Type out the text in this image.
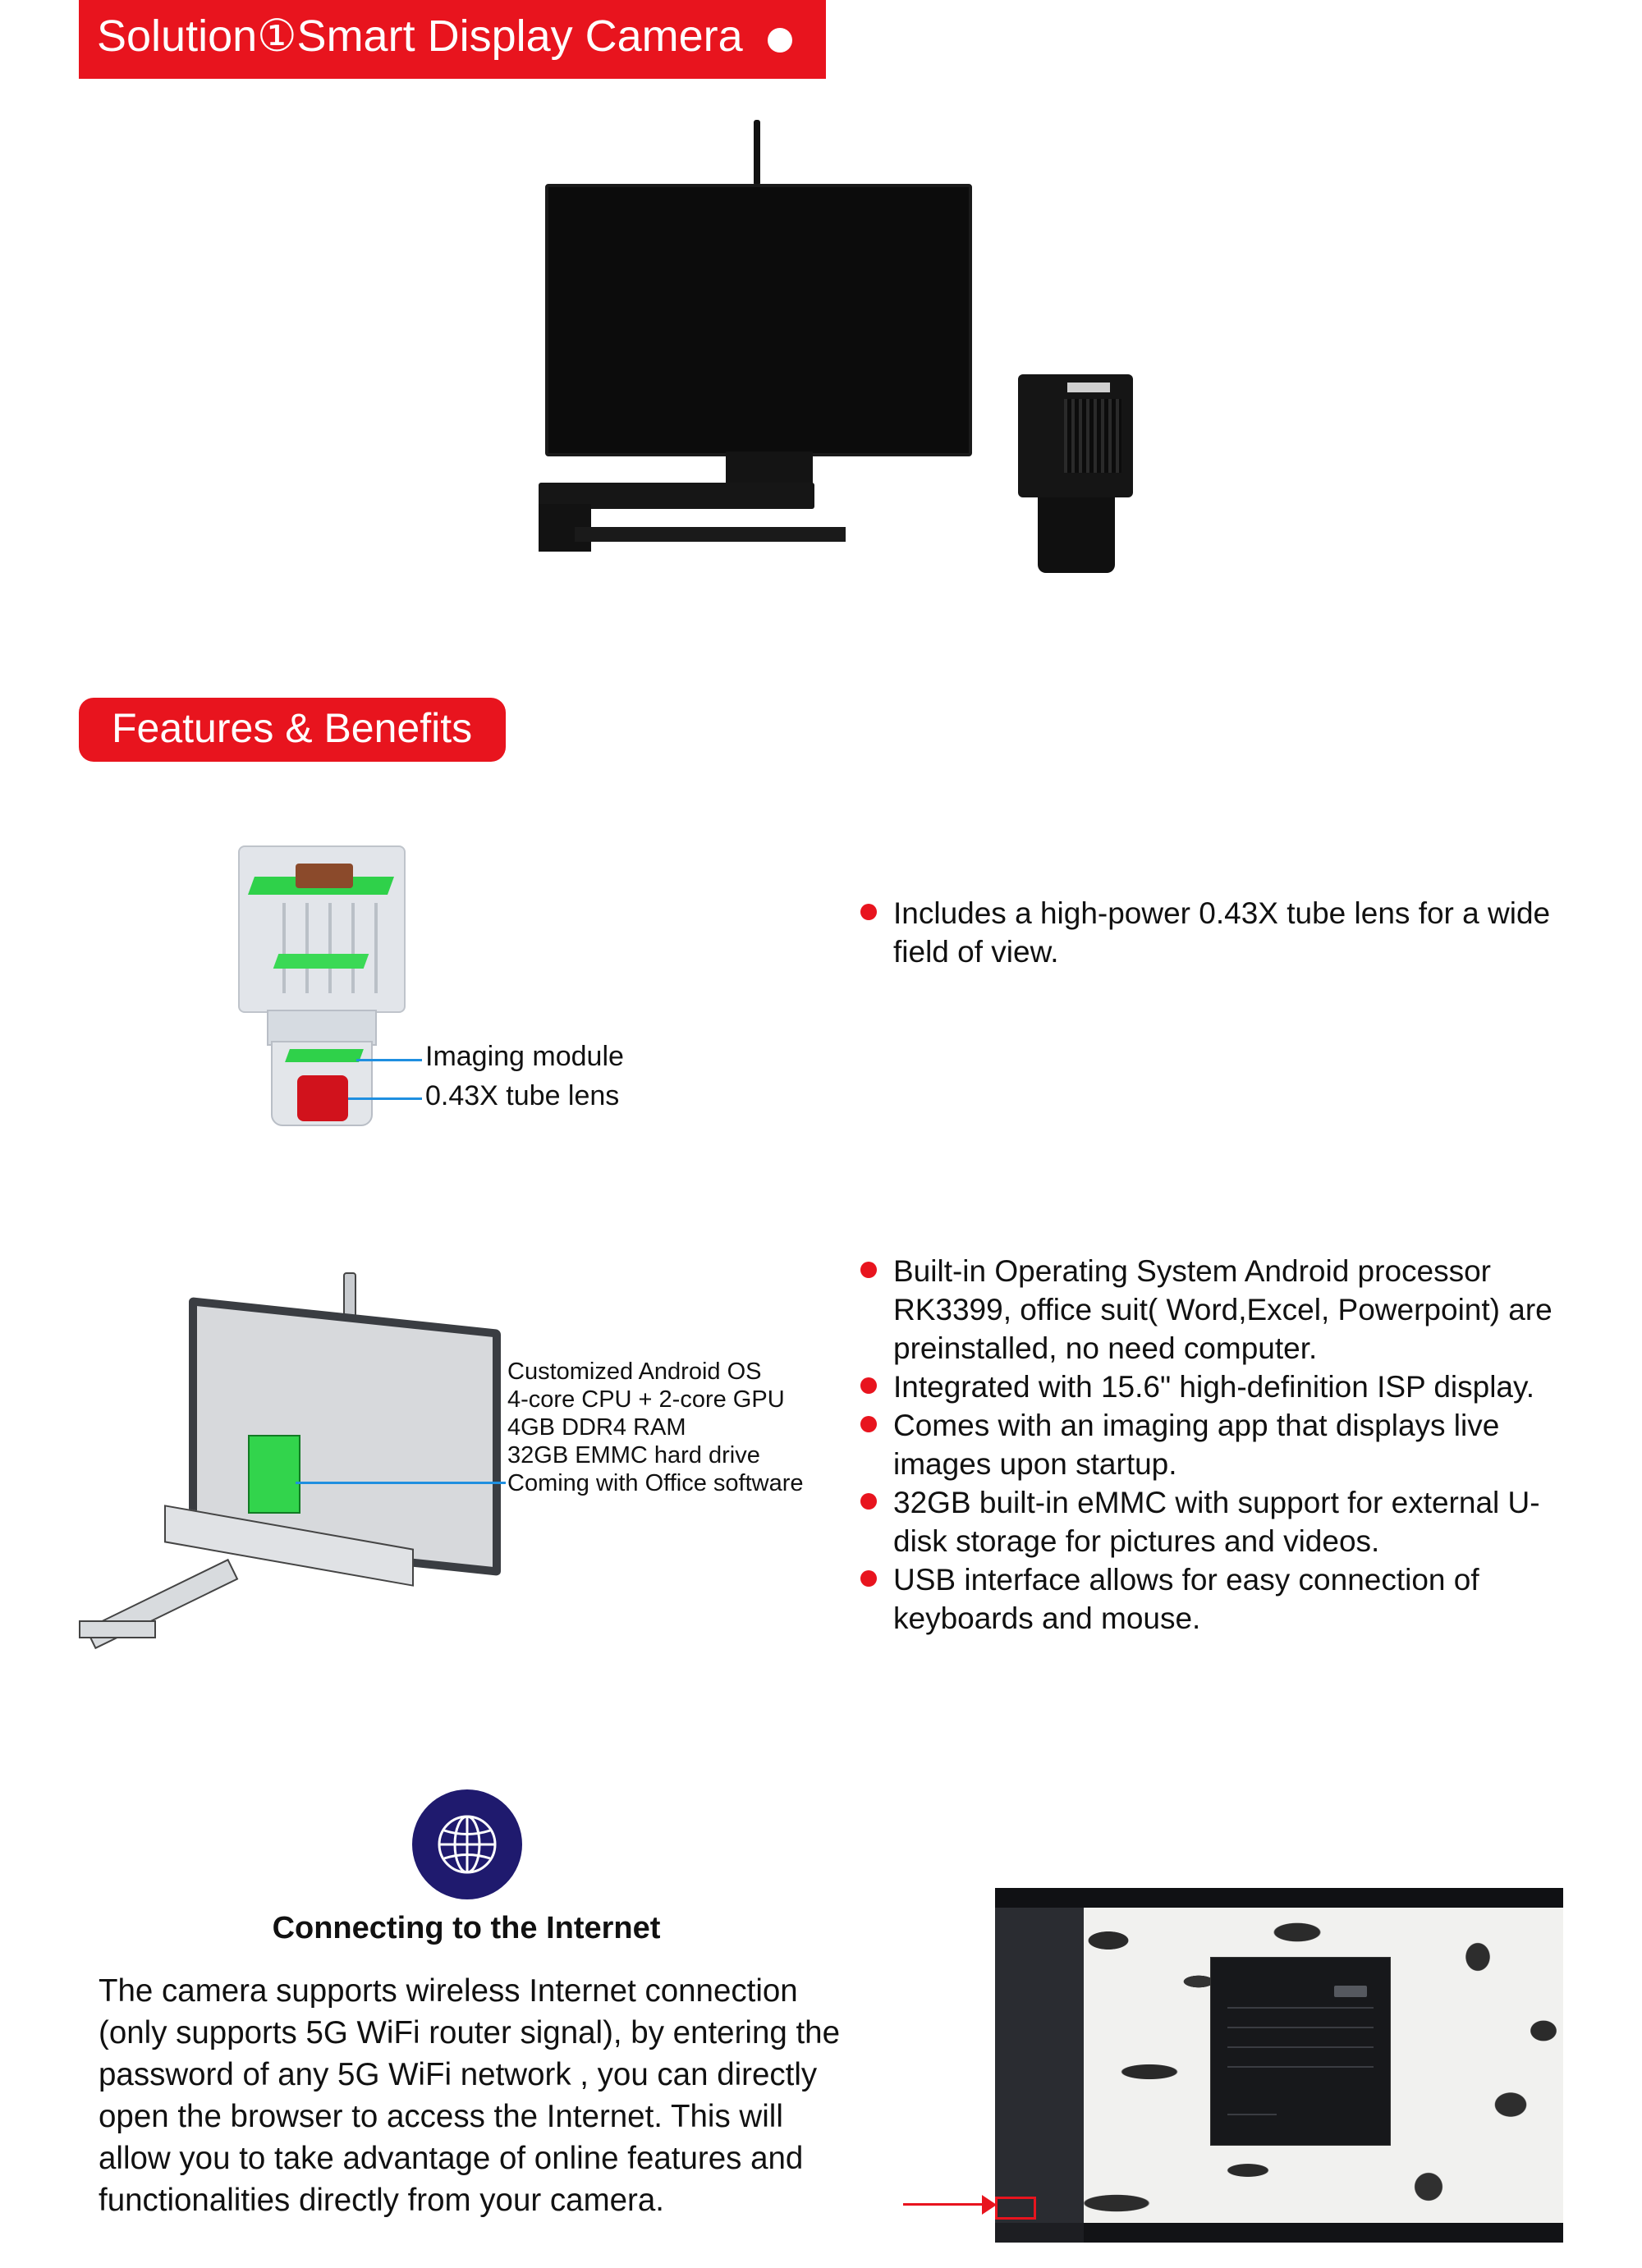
Solution①Smart Display Camera
Features & Benefits
Imaging module
0.43X tube lens
Includes a high-power 0.43X tube lens for a wide field of view.
Customized Android OS
4-core CPU + 2-core GPU
4GB DDR4 RAM
32GB EMMC hard drive
Coming with Office software
Built-in Operating System Android processor RK3399, office suit( Word,Excel, Powerpoint) are preinstalled, no need computer.
Integrated with 15.6" high-definition ISP display.
Comes with an imaging app that displays live images upon startup.
32GB built-in eMMC with support for external U-disk storage for pictures and videos.
USB interface allows for easy connection of keyboards and mouse.
Connecting to the Internet
The camera supports wireless Internet connection (only supports 5G WiFi router signal), by entering the password of any 5G WiFi network , you can directly open the browser to access the Internet. This will allow you to take advantage of online features and functionalities directly from your camera.
